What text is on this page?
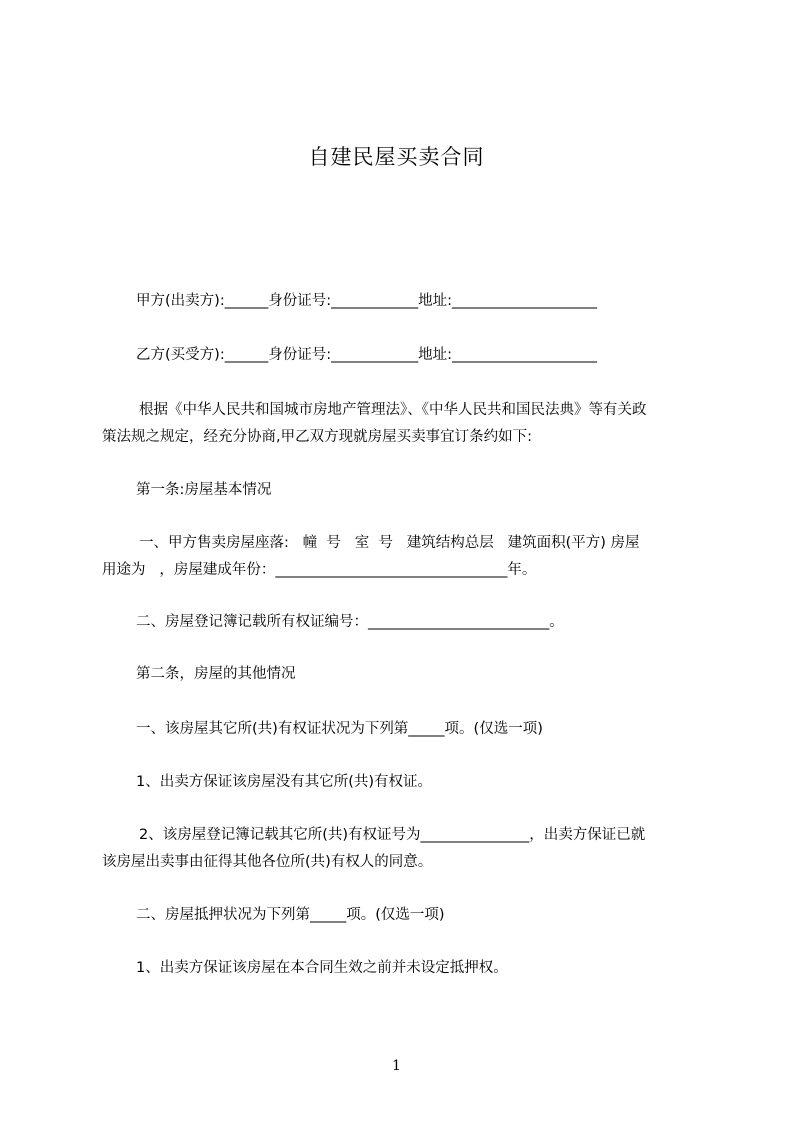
自建民屋买卖合同
甲方(出卖方):______身份证号:____________地址:____________________
乙方(买受方):______身份证号:____________地址:____________________
根据《中华人民共和国城市房地产管理法》、《中华人民共和国民法典》等有关政
策法规之规定，经充分协商,甲乙双方现就房屋买卖事宜订条约如下:
第一条:房屋基本情况
一、甲方售卖房屋座落:   幢  号   室  号   建筑结构总层   建筑面积(平方) 房屋
用途为   ，房屋建成年份：________________________________年。
二、房屋登记簿记载所有权证编号：_________________________。
第二条，房屋的其他情况
一、该房屋其它所(共)有权证状况为下列第_____项。(仅选一项)
1、出卖方保证该房屋没有其它所(共)有权证。
2、该房屋登记簿记载其它所(共)有权证号为_______________，出卖方保证已就
该房屋出卖事由征得其他各位所(共)有权人的同意。
二、房屋抵押状况为下列第_____项。(仅选一项)
1、出卖方保证该房屋在本合同生效之前并未设定抵押权。
1
